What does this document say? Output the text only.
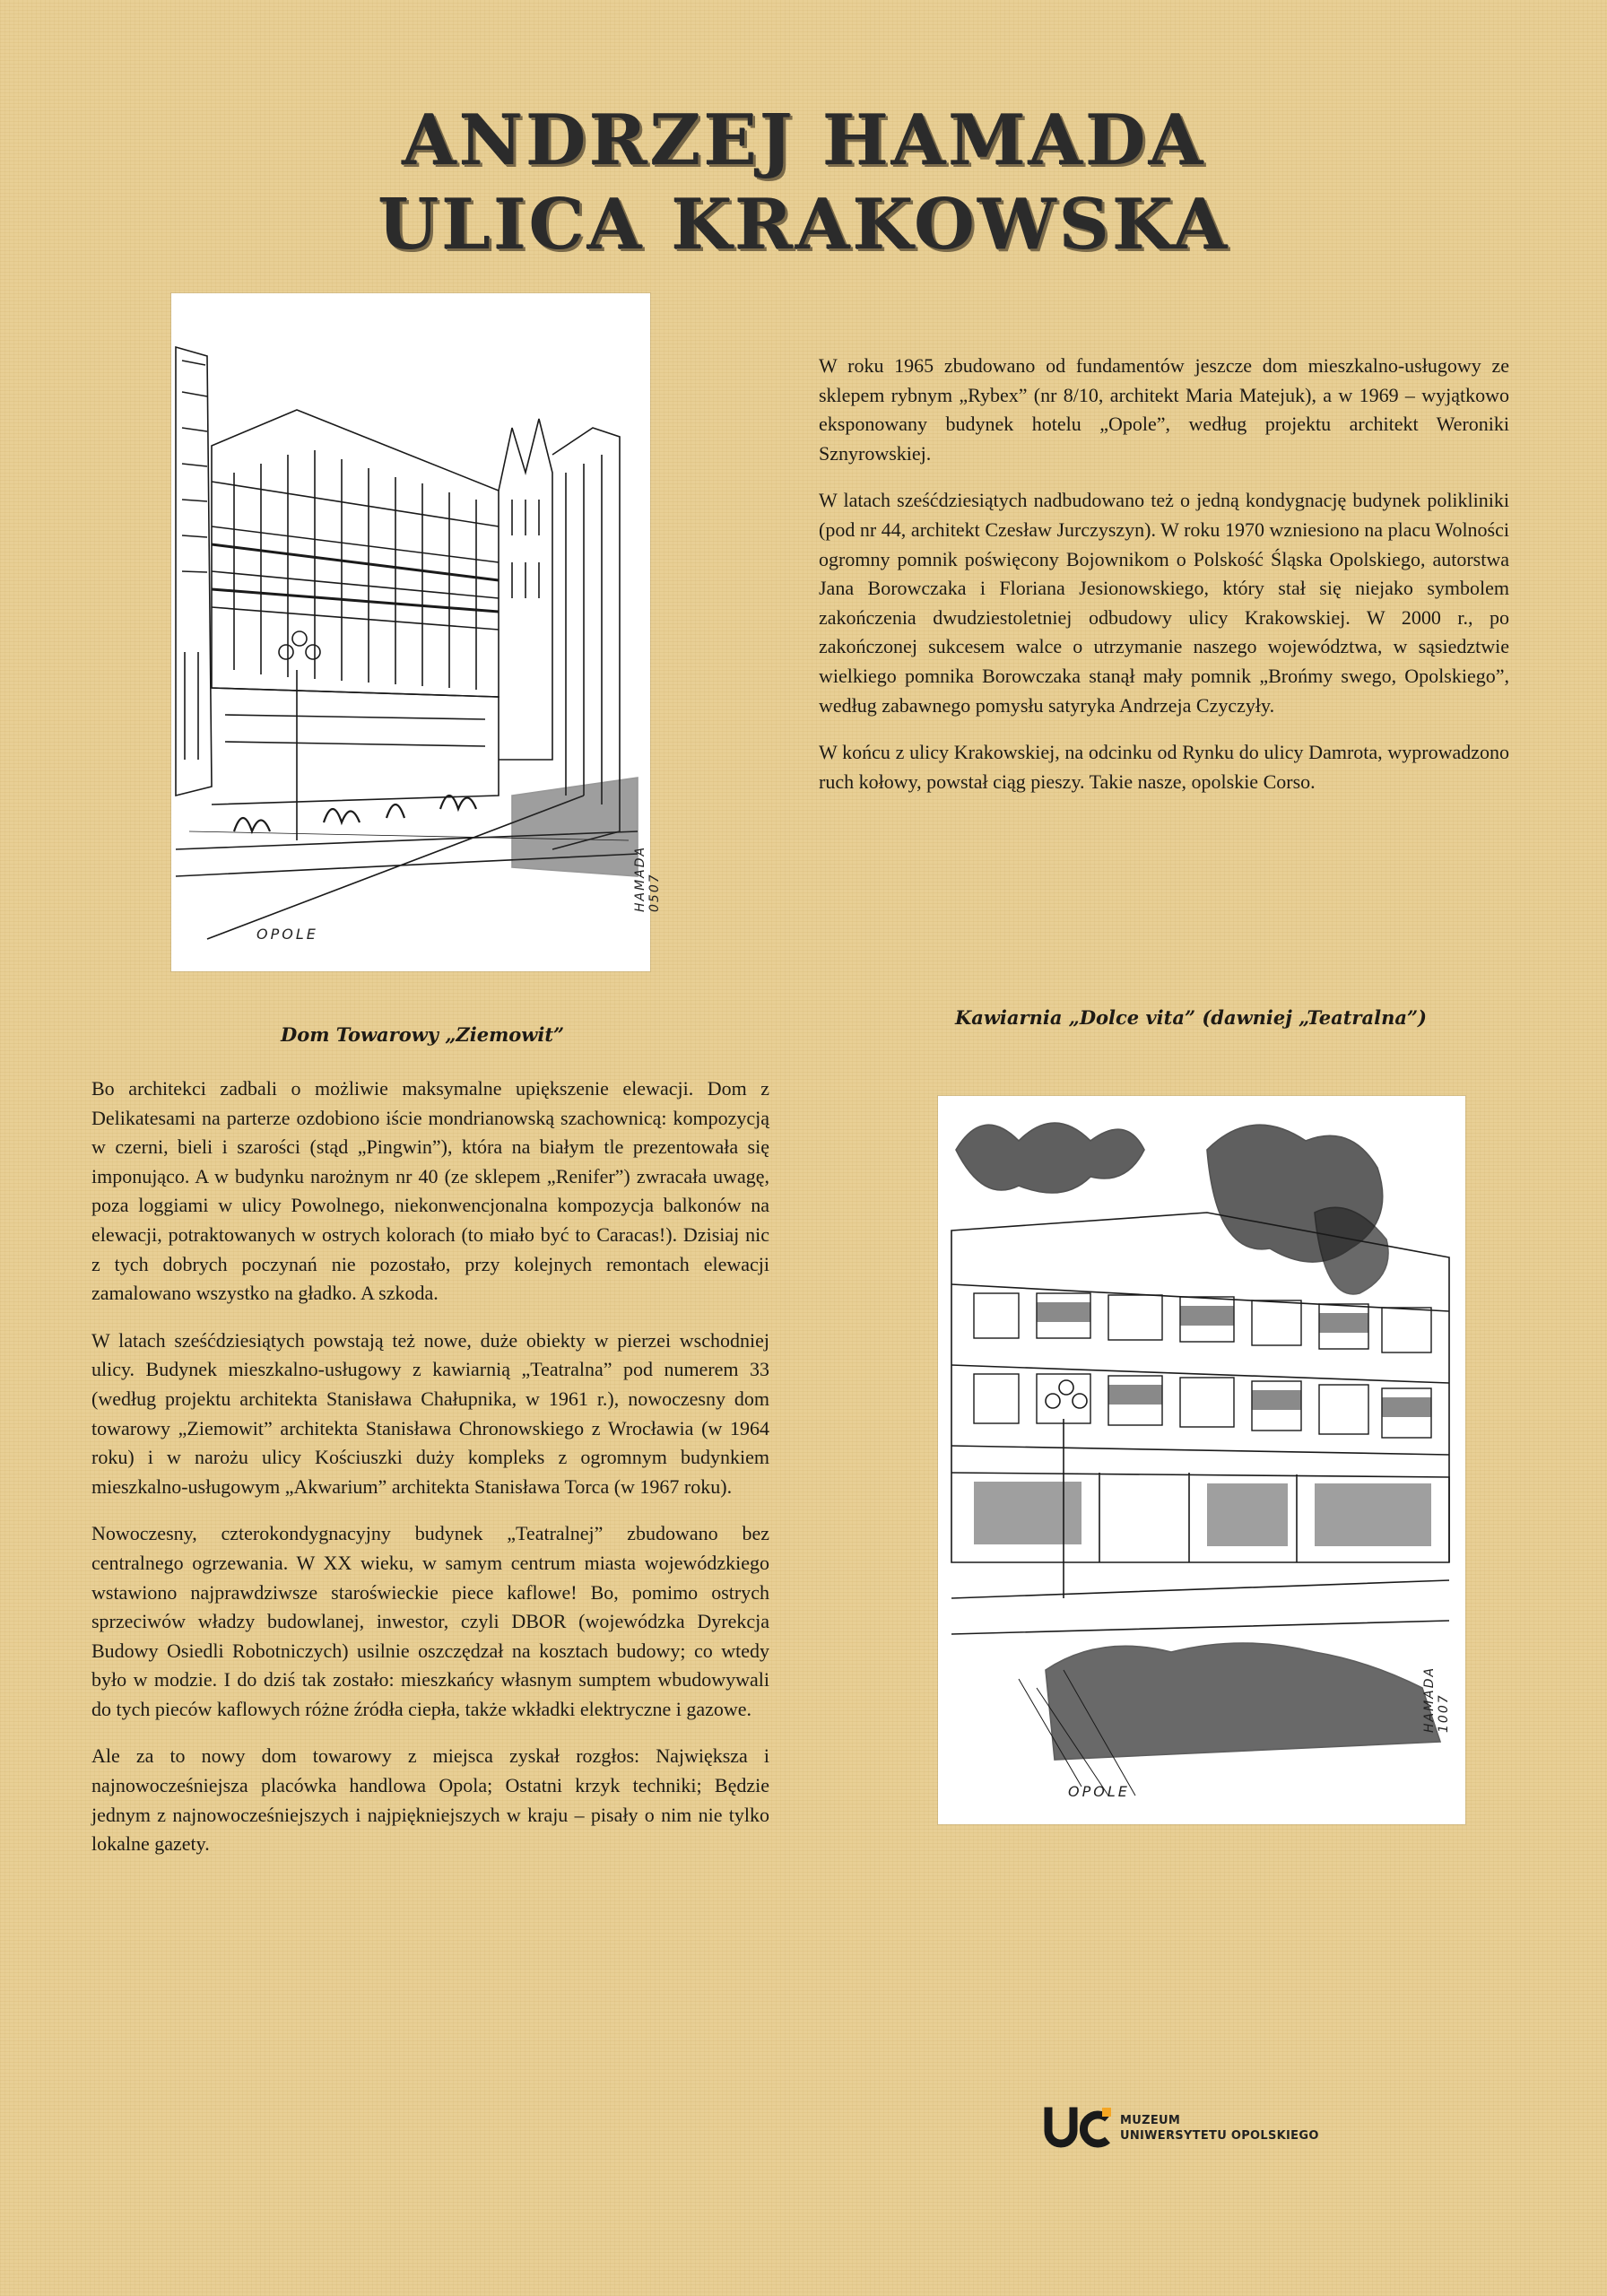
ANDRZEJ HAMADA
ULICA KRAKOWSKA
OPOLE
HAMADA 0507

W roku 1965 zbudowano od fundamentów jeszcze dom mieszkalno-usługowy ze sklepem rybnym „Rybex” (nr 8/10, architekt Maria Matejuk), a w 1969 – wyjątkowo eksponowany budynek hotelu „Opole”, według projektu architekt Weroniki Sznyrowskiej.

W latach sześćdziesiątych nadbudowano też o jedną kondygnację budynek polikliniki (pod nr 44, architekt Czesław Jurczyszyn). W roku 1970 wzniesiono na placu Wolności ogromny pomnik poświęcony Bojownikom o Polskość Śląska Opolskiego, autorstwa Jana Borowczaka i Floriana Jesionowskiego, który stał się niejako symbolem zakończenia dwudziestoletniej odbudowy ulicy Krakowskiej. W 2000 r., po zakończonej sukcesem walce o utrzymanie naszego województwa, w sąsiedztwie wielkiego pomnika Borowczaka stanął mały pomnik „Brońmy swego, Opolskiego”, według zabawnego pomysłu satyryka Andrzeja Czyczyły.

W końcu z ulicy Krakowskiej, na odcinku od Rynku do ulicy Damrota, wyprowadzono ruch kołowy, powstał ciąg pieszy. Takie nasze, opolskie Corso.

Dom Towarowy „Ziemowit”
Kawiarnia „Dolce vita” (dawniej „Teatralna”)
OPOLE
HAMADA 1007

Bo architekci zadbali o możliwie maksymalne upiększenie elewacji. Dom z Delikatesami na parterze ozdobiono iście mondrianowską szachownicą: kompozycją w czerni, bieli i szarości (stąd „Pingwin”), która na białym tle prezentowała się imponująco. A w budynku narożnym nr 40 (ze sklepem „Renifer”) zwracała uwagę, poza loggiami w ulicy Powolnego, niekonwencjonalna kompozycja balkonów na elewacji, potraktowanych w ostrych kolorach (to miało być to Caracas!). Dzisiaj nic z tych dobrych poczynań nie pozostało, przy kolejnych remontach elewacji zamalowano wszystko na gładko. A szkoda.

W latach sześćdziesiątych powstają też nowe, duże obiekty w pierzei wschodniej ulicy. Budynek mieszkalno-usługowy z kawiarnią „Teatralna” pod numerem 33 (według projektu architekta Stanisława Chałupnika, w 1961 r.), nowoczesny dom towarowy „Ziemowit” architekta Stanisława Chronowskiego z Wrocławia (w 1964 roku) i w narożu ulicy Kościuszki duży kompleks z ogromnym budynkiem mieszkalno-usługowym „Akwarium” architekta Stanisława Torca (w 1967 roku).

Nowoczesny, czterokondygnacyjny budynek „Teatralnej” zbudowano bez centralnego ogrzewania. W XX wieku, w samym centrum miasta wojewódzkiego wstawiono najprawdziwsze staroświeckie piece kaflowe! Bo, pomimo ostrych sprzeciwów władzy budowlanej, inwestor, czyli DBOR (wojewódzka Dyrekcja Budowy Osiedli Robotniczych) usilnie oszczędzał na kosztach budowy; co wtedy było w modzie. I do dziś tak zostało: mieszkańcy własnym sumptem wbudowywali do tych pieców kaflowych różne źródła ciepła, także wkładki elektryczne i gazowe.

Ale za to nowy dom towarowy z miejsca zyskał rozgłos: Największa i najnowocześniejsza placówka handlowa Opola; Ostatni krzyk techniki; Będzie jednym z najnowocześniejszych i najpiękniejszych w kraju – pisały o nim nie tylko lokalne gazety.

MUZEUM
UNIWERSYTETU OPOLSKIEGO
